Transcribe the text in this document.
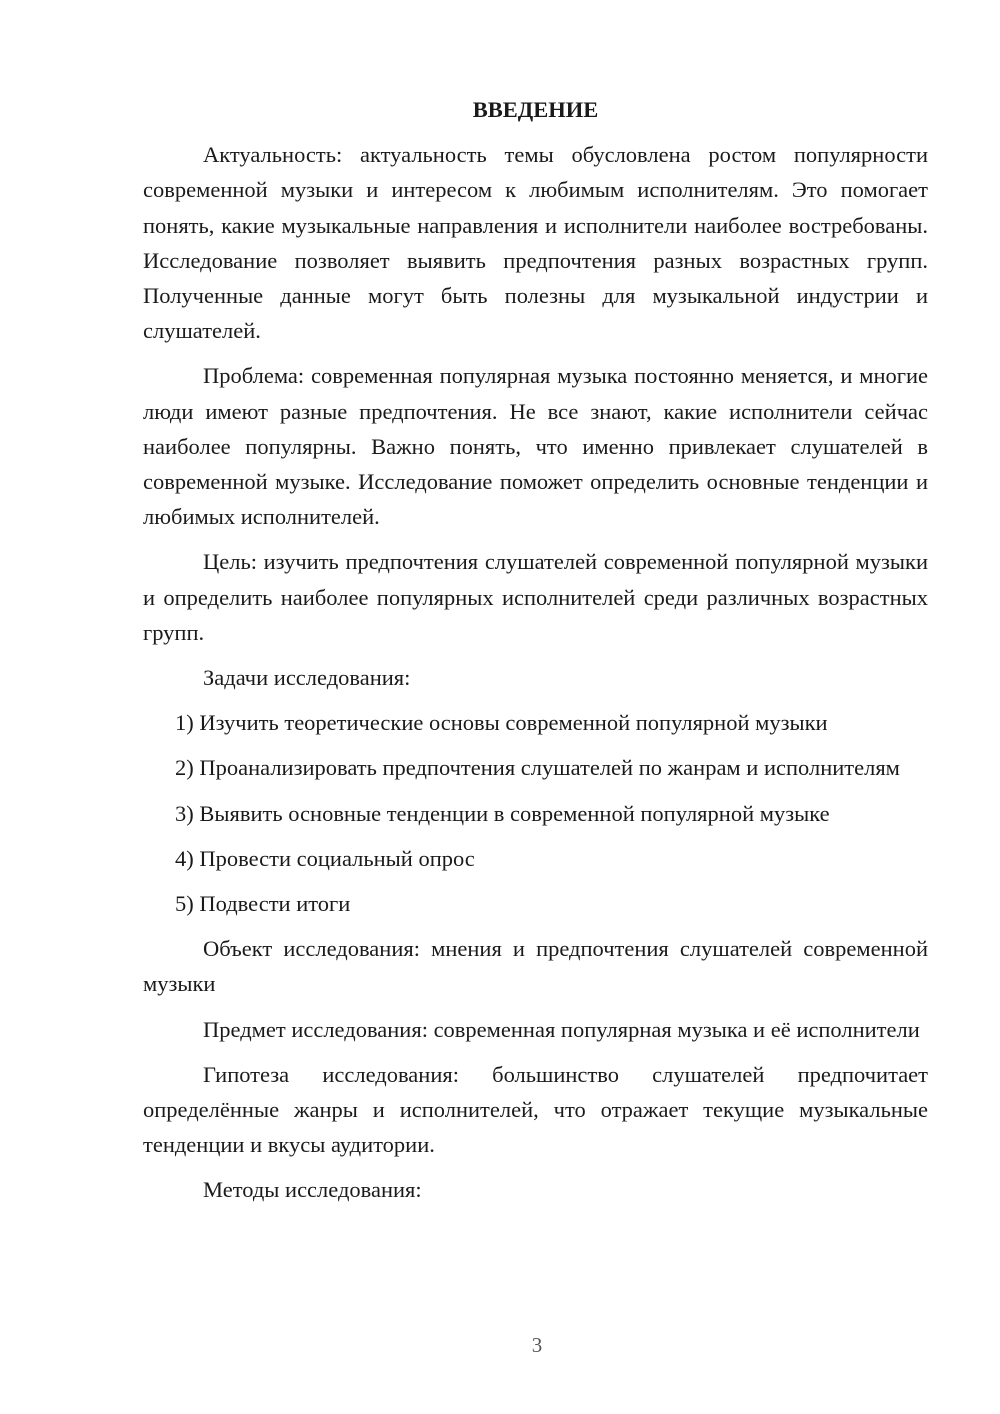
ВВЕДЕНИЕ

Актуальность: актуальность темы обусловлена ростом популярности современной музыки и интересом к любимым исполнителям. Это помогает понять, какие музыкальные направления и исполнители наиболее востребованы. Исследование позволяет выявить предпочтения разных возрастных групп. Полученные данные могут быть полезны для музыкальной индустрии и слушателей.

Проблема: современная популярная музыка постоянно меняется, и многие люди имеют разные предпочтения. Не все знают, какие исполнители сейчас наиболее популярны. Важно понять, что именно привлекает слушателей в современной музыке. Исследование поможет определить основные тенденции и любимых исполнителей.

Цель: изучить предпочтения слушателей современной популярной музыки и определить наиболее популярных исполнителей среди различных возрастных групп.

Задачи исследования:

1) Изучить теоретические основы современной популярной музыки

2) Проанализировать предпочтения слушателей по жанрам и исполнителям

3) Выявить основные тенденции в современной популярной музыке

4) Провести социальный опрос

5) Подвести итоги

Объект исследования: мнения и предпочтения слушателей современной музыки

Предмет исследования: современная популярная музыка и её исполнители

Гипотеза исследования: большинство слушателей предпочитает определённые жанры и исполнителей, что отражает текущие музыкальные тенденции и вкусы аудитории.

Методы исследования:

3
